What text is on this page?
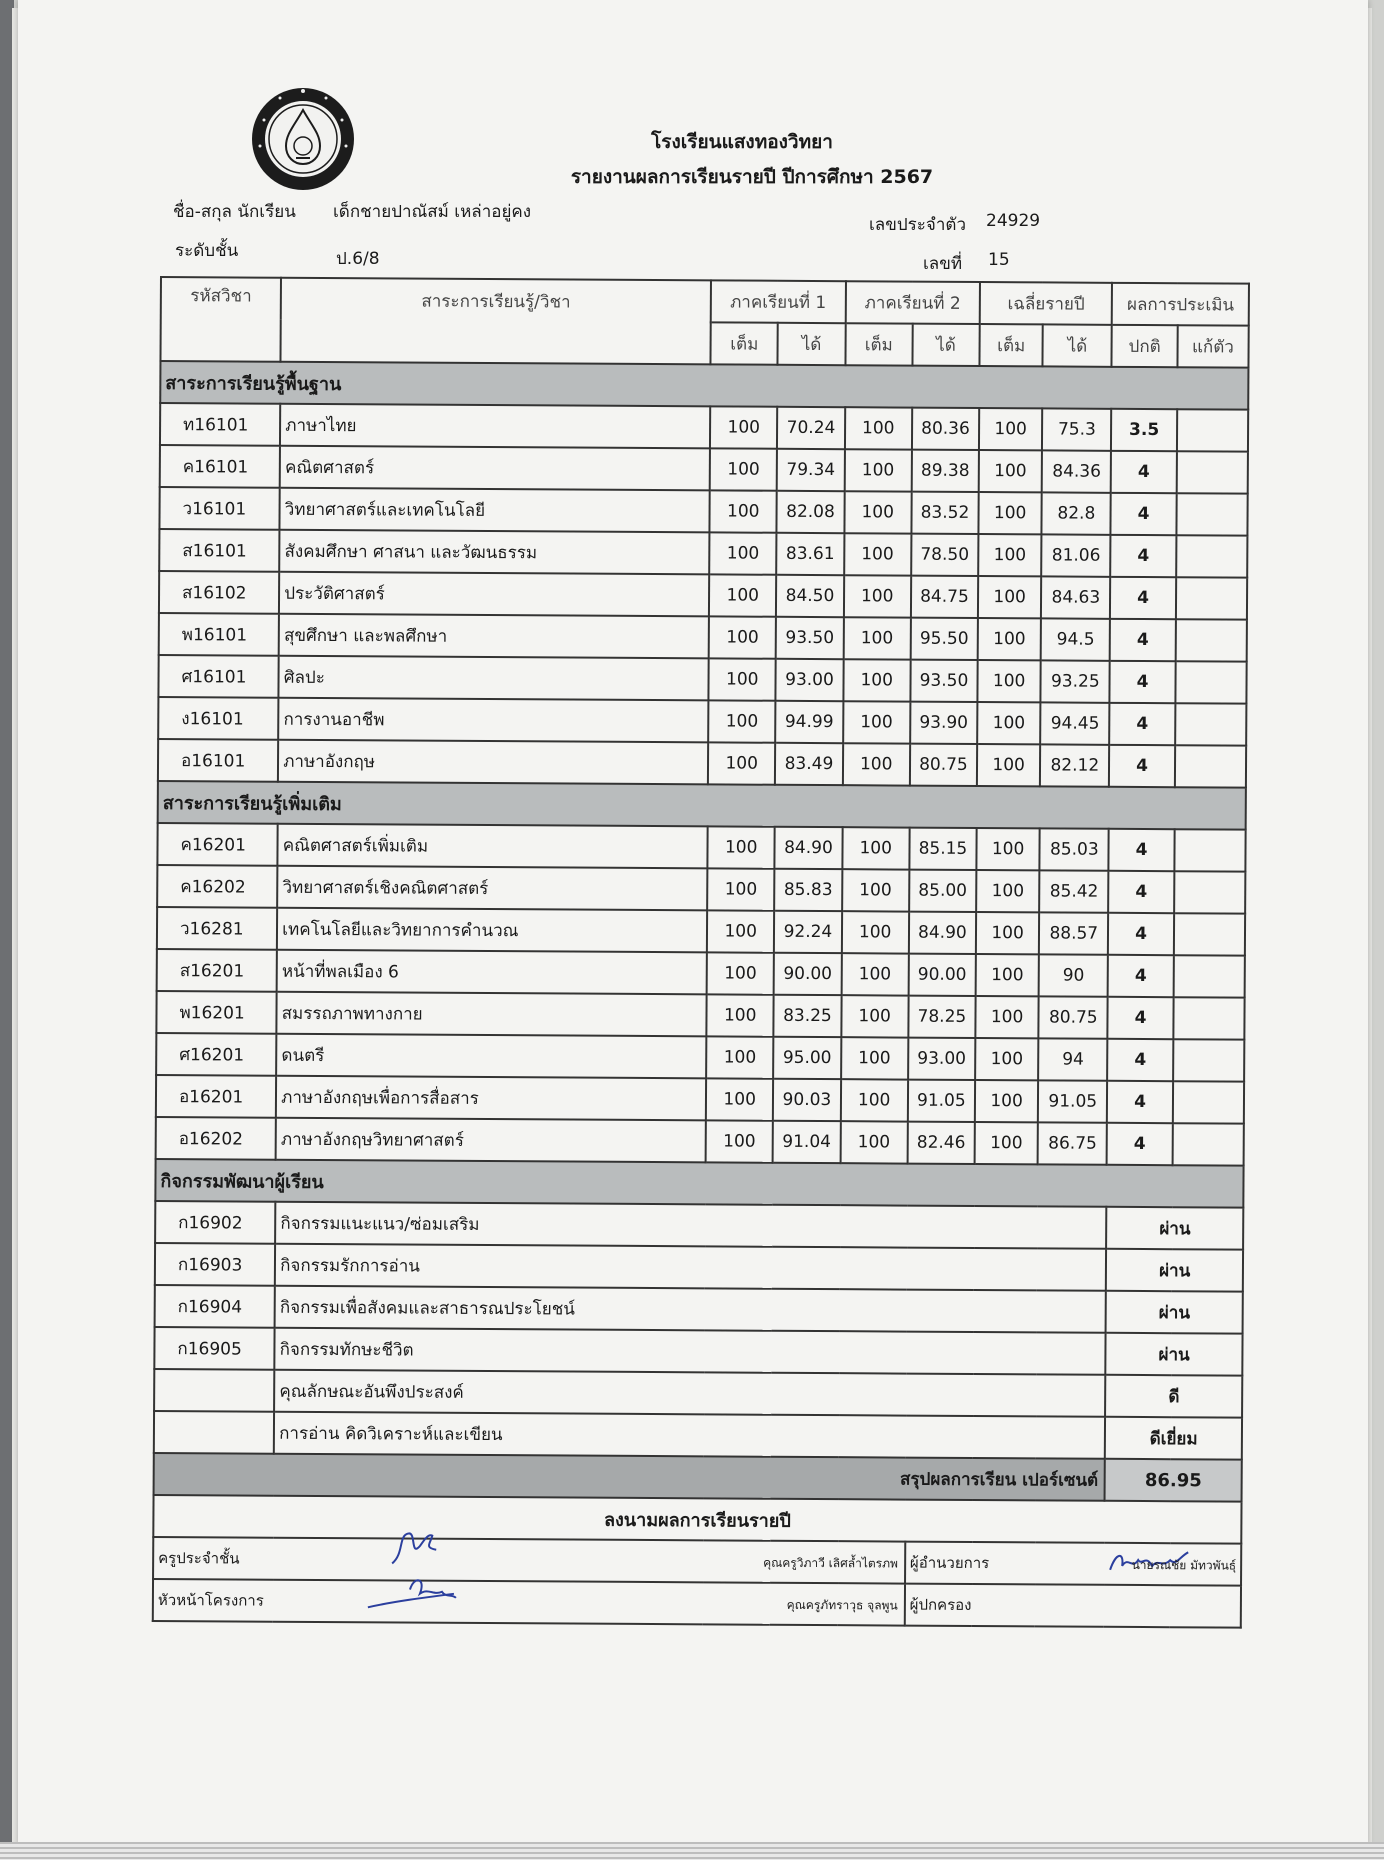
ชื่อ-สกุล นักเรียน เด็กชายปาณัสม์ เหล่าอยู่คง
เลขประจำตัว 24929
ระดับชั้น	ป.6/8	เลขที่ 15
โรงเรียนแสงทองวิทยา
รายงานผลการเรียนรายปี ปีการศึกษา 2567
รหัสวิชา	สาระการเรียนรู้/วิชา	ภาคเรียนที่ 1		ภาคเรียนที่ 2		เฉลี่ยรายปี		ผลการประเมิน	
		เต็ม	ได้	เต็ม	ได้	เต็ม	ได้	ปกติ	แก้ตัว
สาระการเรียนรู้พื้นฐาน									
ท16101	ภาษาไทย	100	70.24	100	80.36	100	75.3	3.5	
ค16101	คณิตศาสตร์	100	79.34	100	89.38	100	84.36	4	
ว16101	วิทยาศาสตร์และเทคโนโลยี	100	82.08	100	83.52	100	82.8	4	
ส16101	สังคมศึกษา ศาสนา และวัฒนธรรม	100	83.61	100	78.50	100	81.06	4	
ส16102	ประวัติศาสตร์	100	84.50	100	84.75	100	84.63	4	
พ16101	สุขศึกษา และพลศึกษา	100	93.50	100	95.50	100	94.5	4	
ศ16101	ศิลปะ	100	93.00	100	93.50	100	93.25	4	
ง16101	การงานอาชีพ	100	94.99	100	93.90	100	94.45	4	
อ16101	ภาษาอังกฤษ	100	83.49	100	80.75	100	82.12	4	
สาระการเรียนรู้เพิ่มเติม									
ค16201	คณิตศาสตร์เพิ่มเติม	100	84.90	100	85.15	100	85.03	4	
ค16202	วิทยาศาสตร์เชิงคณิตศาสตร์	100	85.83	100	85.00	100	85.42	4	
ว16281	เทคโนโลยีและวิทยาการคำนวณ	100	92.24	100	84.90	100	88.57	4	
ส16201	หน้าที่พลเมือง 6	100	90.00	100	90.00	100	90	4	
พ16201	สมรรถภาพทางกาย	100	83.25	100	78.25	100	80.75	4	
ศ16201	ดนตรี	100	95.00	100	93.00	100	94	4	
อ16201	ภาษาอังกฤษเพื่อการสื่อสาร	100	90.03	100	91.05	100	91.05	4	
อ16202	ภาษาอังกฤษวิทยาศาสตร์	100	91.04	100	82.46	100	86.75	4	
กิจกรรมพัฒนาผู้เรียน									
ก16902	กิจกรรมแนะแนว/ซ่อมเสริม							ผ่าน	
ก16903	กิจกรรมรักการอ่าน							ผ่าน	
ก16904	กิจกรรมเพื่อสังคมและสาธารณประโยชน์							ผ่าน	
ก16905	กิจกรรมทักษะชีวิต							ผ่าน	
	คุณลักษณะอันพึงประสงค์							ดี	
	การอ่าน คิดวิเคราะห์และเขียน							ดีเยี่ยม	
สรุปผลการเรียน เปอร์เซนต์								86.95	
ลงนามผลการเรียนรายปี									
ครูประจำชั้น คุณครูวิภาวี เลิศล้ำไตรภพ					ผู้อำนวยการ นายรณชัย มัทวพันธุ์				

หัวหน้าโครงการ คุณครูภัทราวุธ จุลพูน					ผู้ปกครอง				
